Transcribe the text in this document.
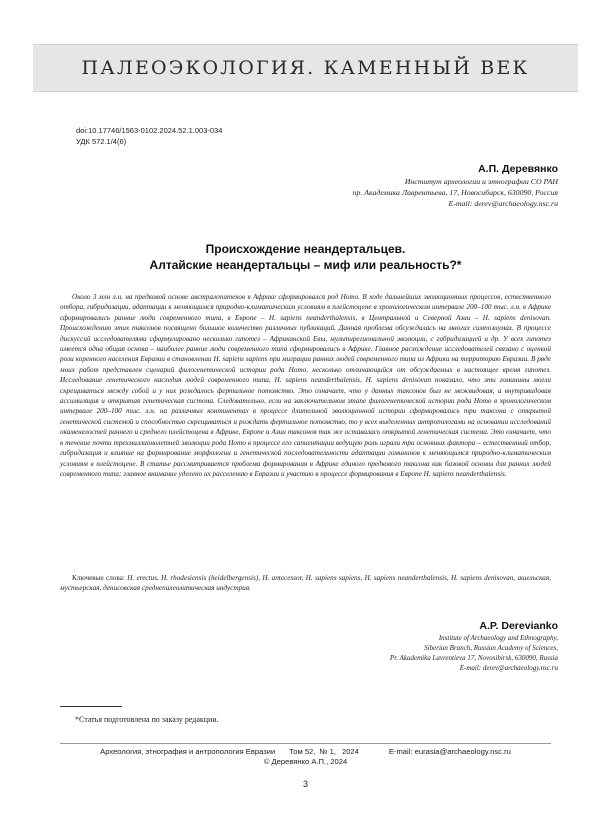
ПАЛЕОЭКОЛОГИЯ. КАМЕННЫЙ ВЕК
doi:10.17746/1563-0102.2024.52.1.003-034
УДК 572.1/4(6)
А.П. Деревянко
Институт археологии и этнографии СО РАН
пр. Академика Лаврентьева, 17, Новосибирск, 630090, Россия
E-mail: derev@archaeology.nsc.ru
Происхождение неандертальцев.
Алтайские неандертальцы – миф или реальность?*

Около 3 млн л.н. на предковой основе австралопитеков в Африке сформировался род Homo. В ходе дальнейших эволюционных процессов, естественного отбора, гибридизации, адаптации к меняющимся природно-климатическим условиям в плейстоцене в хронологическом интервале 200–100 тыс. л.н. в Африке сформировались ранние люди современного типа, в Европе – H. sapiens neanderthalensis, в Центральной и Северной Азии – H. sapiens denisovan. Происхождению этих таксонов посвящено большое количество различных публикаций. Данная проблема обсуждалась на многих симпозиумах. В процессе дискуссий исследователями сформулировано несколько гипотез – Африканской Евы, мультирегиональной эволюции, с гибридизацией и др. У всех гипотез имеется одна общая основа – наиболее ранние люди современного типа сформировались в Африке. Главное расхождение исследователей связано с оценкой роли коренного населения Евразии в становлении H. sapiens sapiens при миграции ранних людей современного типа из Африки на территорию Евразии. В ряде моих работ представлен сценарий филогенетической истории рода Homo, несколько отличающийся от обсуждаемых в настоящее время гипотез. Исследование генетического наследия людей современного типа, H. sapiens neanderthalensis, H. sapiens denisovan показало, что эти гоминины могли скрещиваться между собой и у них рождалось фертильное потомство. Это означает, что у данных таксонов был не межвидовая, а внутривидовая ассимиляция и открытая генетическая система. Следовательно, если на заключительном этапе филогенетической истории рода Homo в хронологическом интервале 200–100 тыс. л.н. на различных континентах в процессе длительной эволюционной истории сформировались три таксона с открытой генетической системой и способностью скрещиваться и рождать фертильное потомство, то у всех выделенных антропологами на основании исследований окаменелостей раннего и среднего плейстоцена в Африке, Европе и Азии таксонов так же оставалась открытой генетическая система. Это означает, что в течение почти трехмиллионолетней эволюции рода Homo в процессе его сапиентации ведущую роль играли три основных фактора – естественный отбор, гибридизация и влияние на формирование морфологии и генетической последовательности адаптации гомининов к меняющимся природно-климатическим условиям в плейстоцене. В статье рассматривается проблема формирования в Африке единого предкового таксона как базовой основы для ранних людей современного типа; главное внимание уделено их расселению в Евразии и участию в процессе формирования в Европе H. sapiens neanderthalensis.

Ключевые слова: H. erectus, H. rhodesiensis (heidelbergensis), H. antecessor, H. sapiens sapiens, H. sapiens neanderthalensis, H. sapiens denisovan, ашельская, мустьерская, денисовская среднепалеолитическая индустрия.

A.P. Derevianko
Institute of Archaeology and Ethnography,
Siberian Branch, Russian Academy of Sciences,
Pr. Akademika Lavrentieva 17, Novosibirsk, 630090, Russia
E-mail: derev@archaeology.nsc.ru
*Статья подготовлена по заказу редакции.
Археология, этнография и антропология Евразии Том 52, № 1, 2024	E-mail: eurasia@archaeology.nsc.ru
© Деревянко А.П., 2024
3
